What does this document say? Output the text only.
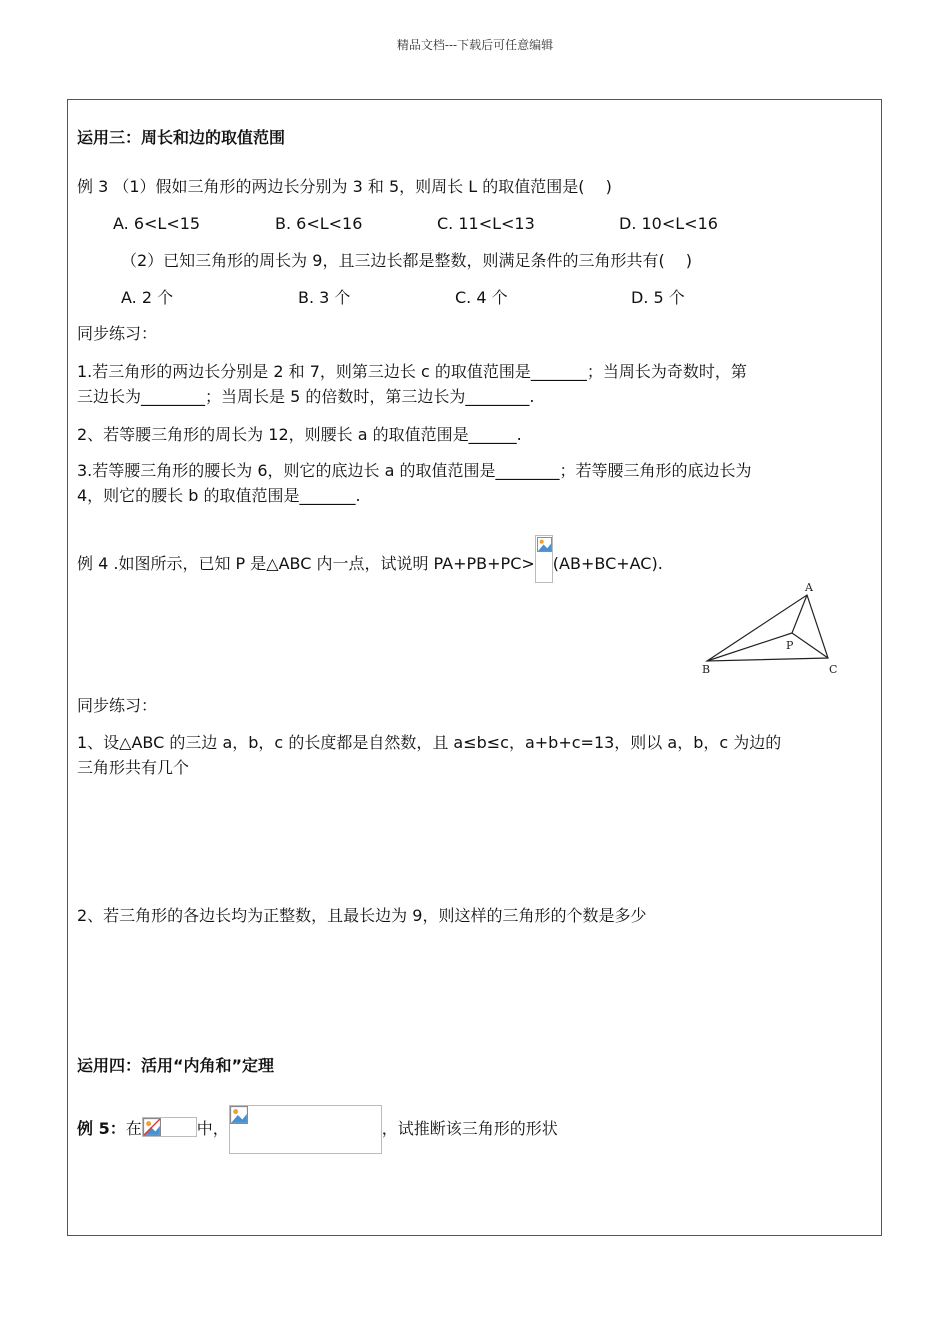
精品文档---下载后可任意编辑
运用三：周长和边的取值范围
例 3 （1）假如三角形的两边长分别为 3 和 5，则周长 L 的取值范围是(　 )
A. 6<L<15	B. 6<L<16	C. 11<L<13	D. 10<L<16
（2）已知三角形的周长为 9，且三边长都是整数，则满足条件的三角形共有(　 )
A. 2 个	B. 3 个	C. 4 个	D. 5 个
同步练习：
1.若三角形的两边长分别是 2 和 7，则第三边长 c 的取值范围是_______；当周长为奇数时，第
三边长为________；当周长是 5 的倍数时，第三边长为________.
2、若等腰三角形的周长为 12，则腰长 a 的取值范围是______.
3.若等腰三角形的腰长为 6，则它的底边长 a 的取值范围是________；若等腰三角形的底边长为
4，则它的腰长 b 的取值范围是_______.
例 4 .如图所示，已知 P 是△ABC 内一点，试说明 PA+PB+PC> (AB+BC+AC).
A
B	C
P
同步练习：
1、设△ABC 的三边 a，b，c 的长度都是自然数，且 a≤b≤c，a+b+c=13，则以 a，b，c 为边的
三角形共有几个
2、若三角形的各边长均为正整数，且最长边为 9，则这样的三角形的个数是多少
运用四：活用“内角和”定理
例 5：在	中，	，试推断该三角形的形状
